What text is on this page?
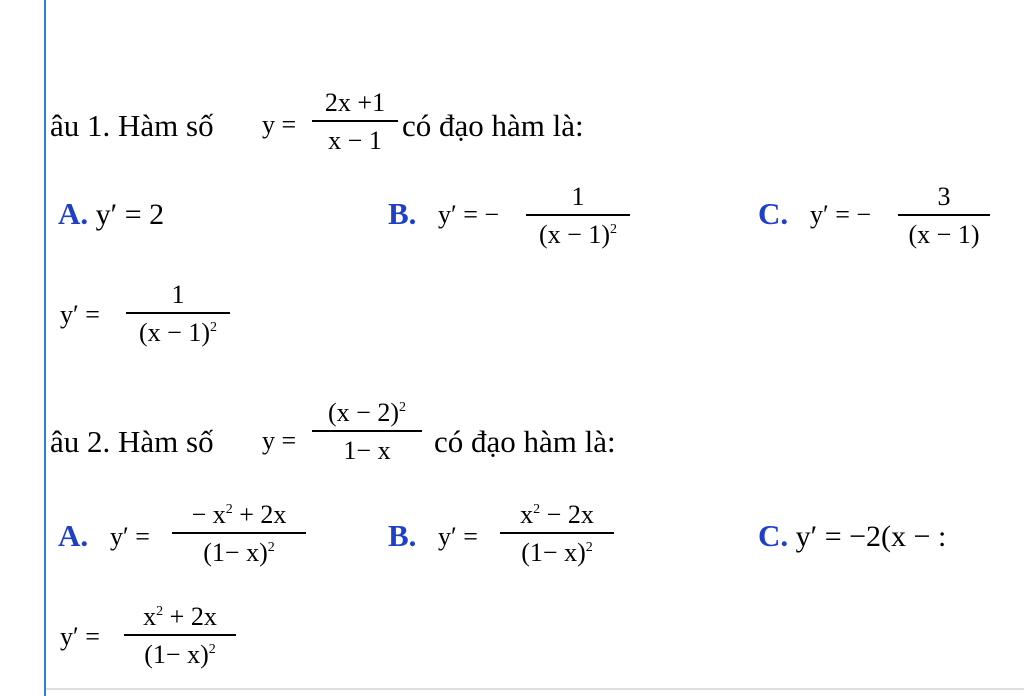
âu 1. Hàm số y =
2x +1
x − 1 có đạo hàm là:
A. y′ = 2	B. y′ = −
1
$(x - 1)^2$	C. y′ = −
3
(x − 1)
y′ =
1
$(x - 1)^2$
âu 2. Hàm số y =
$(x - 2)^2$
1− x	có đạo hàm là:
A. y′ =
− $x^2 + 2x$
$(1- x)^2$	B. y′ =
$x^2 - 2x$
$(1- x)^2$	C. y′ = −2(x − :
y′ =
$x^2 + 2x$
$(1- x)^2$
